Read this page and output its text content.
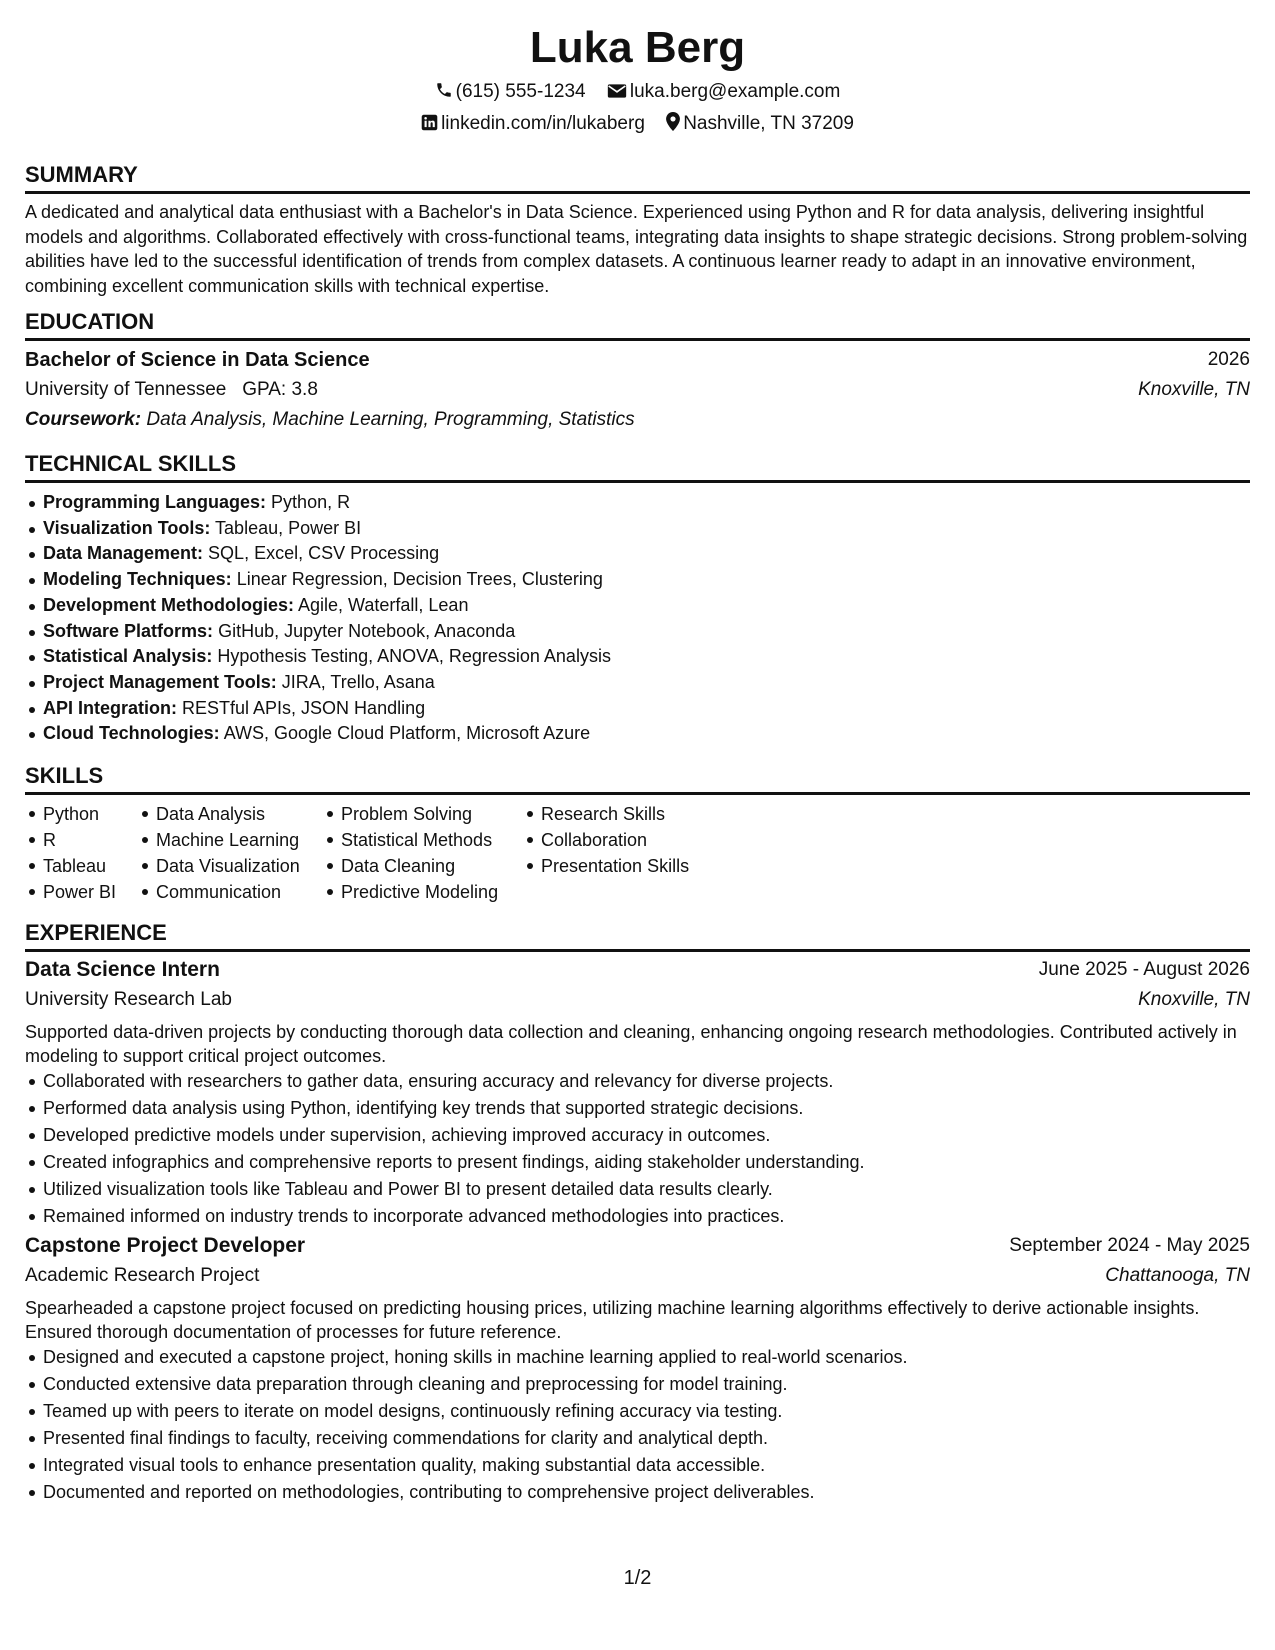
Luka Berg
(615) 555-1234 luka.berg@example.com
linkedin.com/in/lukaberg Nashville, TN 37209
SUMMARY
A dedicated and analytical data enthusiast with a Bachelor's in Data Science. Experienced using Python and R for data analysis, delivering insightful models and algorithms. Collaborated effectively with cross-functional teams, integrating data insights to shape strategic decisions. Strong problem-solving abilities have led to the successful identification of trends from complex datasets. A continuous learner ready to adapt in an innovative environment, combining excellent communication skills with technical expertise.
EDUCATION
Bachelor of Science in Data Science	2026
University of Tennessee GPA: 3.8	Knoxville, TN
Coursework: Data Analysis, Machine Learning, Programming, Statistics
TECHNICAL SKILLS
Programming Languages: Python, R
Visualization Tools: Tableau, Power BI
Data Management: SQL, Excel, CSV Processing
Modeling Techniques: Linear Regression, Decision Trees, Clustering
Development Methodologies: Agile, Waterfall, Lean
Software Platforms: GitHub, Jupyter Notebook, Anaconda
Statistical Analysis: Hypothesis Testing, ANOVA, Regression Analysis
Project Management Tools: JIRA, Trello, Asana
API Integration: RESTful APIs, JSON Handling
Cloud Technologies: AWS, Google Cloud Platform, Microsoft Azure
SKILLS
Python
R
Tableau
Power BI
Data Analysis
Machine Learning
Data Visualization
Communication
Problem Solving
Statistical Methods
Data Cleaning
Predictive Modeling
Research Skills
Collaboration
Presentation Skills
EXPERIENCE
Data Science Intern	June 2025 - August 2026
University Research Lab	Knoxville, TN
Supported data-driven projects by conducting thorough data collection and cleaning, enhancing ongoing research methodologies. Contributed actively in modeling to support critical project outcomes.
Collaborated with researchers to gather data, ensuring accuracy and relevancy for diverse projects.
Performed data analysis using Python, identifying key trends that supported strategic decisions.
Developed predictive models under supervision, achieving improved accuracy in outcomes.
Created infographics and comprehensive reports to present findings, aiding stakeholder understanding.
Utilized visualization tools like Tableau and Power BI to present detailed data results clearly.
Remained informed on industry trends to incorporate advanced methodologies into practices.
Capstone Project Developer	September 2024 - May 2025
Academic Research Project	Chattanooga, TN
Spearheaded a capstone project focused on predicting housing prices, utilizing machine learning algorithms effectively to derive actionable insights. Ensured thorough documentation of processes for future reference.
Designed and executed a capstone project, honing skills in machine learning applied to real-world scenarios.
Conducted extensive data preparation through cleaning and preprocessing for model training.
Teamed up with peers to iterate on model designs, continuously refining accuracy via testing.
Presented final findings to faculty, receiving commendations for clarity and analytical depth.
Integrated visual tools to enhance presentation quality, making substantial data accessible.
Documented and reported on methodologies, contributing to comprehensive project deliverables.
1/2
